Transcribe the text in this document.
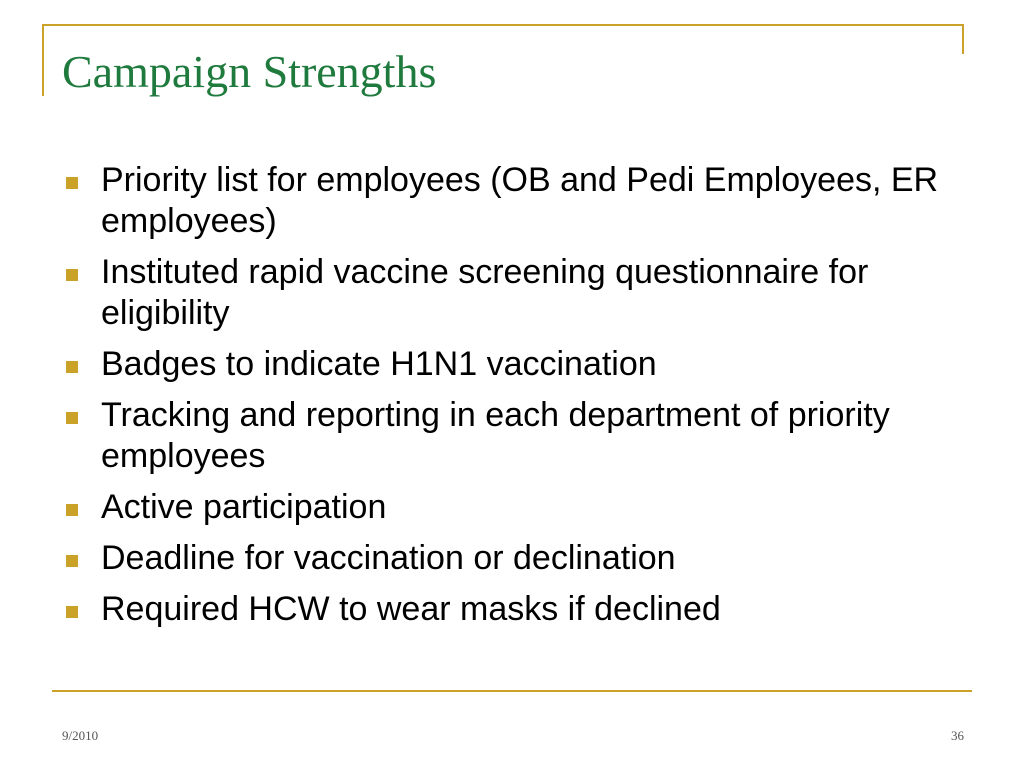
Campaign Strengths
Priority list for employees (OB and Pedi Employees, ER employees)
Instituted rapid vaccine screening questionnaire for eligibility
Badges to indicate H1N1 vaccination
Tracking and reporting in each department of priority employees
Active participation
Deadline for vaccination or declination
Required HCW to wear masks if declined
9/2010	36
